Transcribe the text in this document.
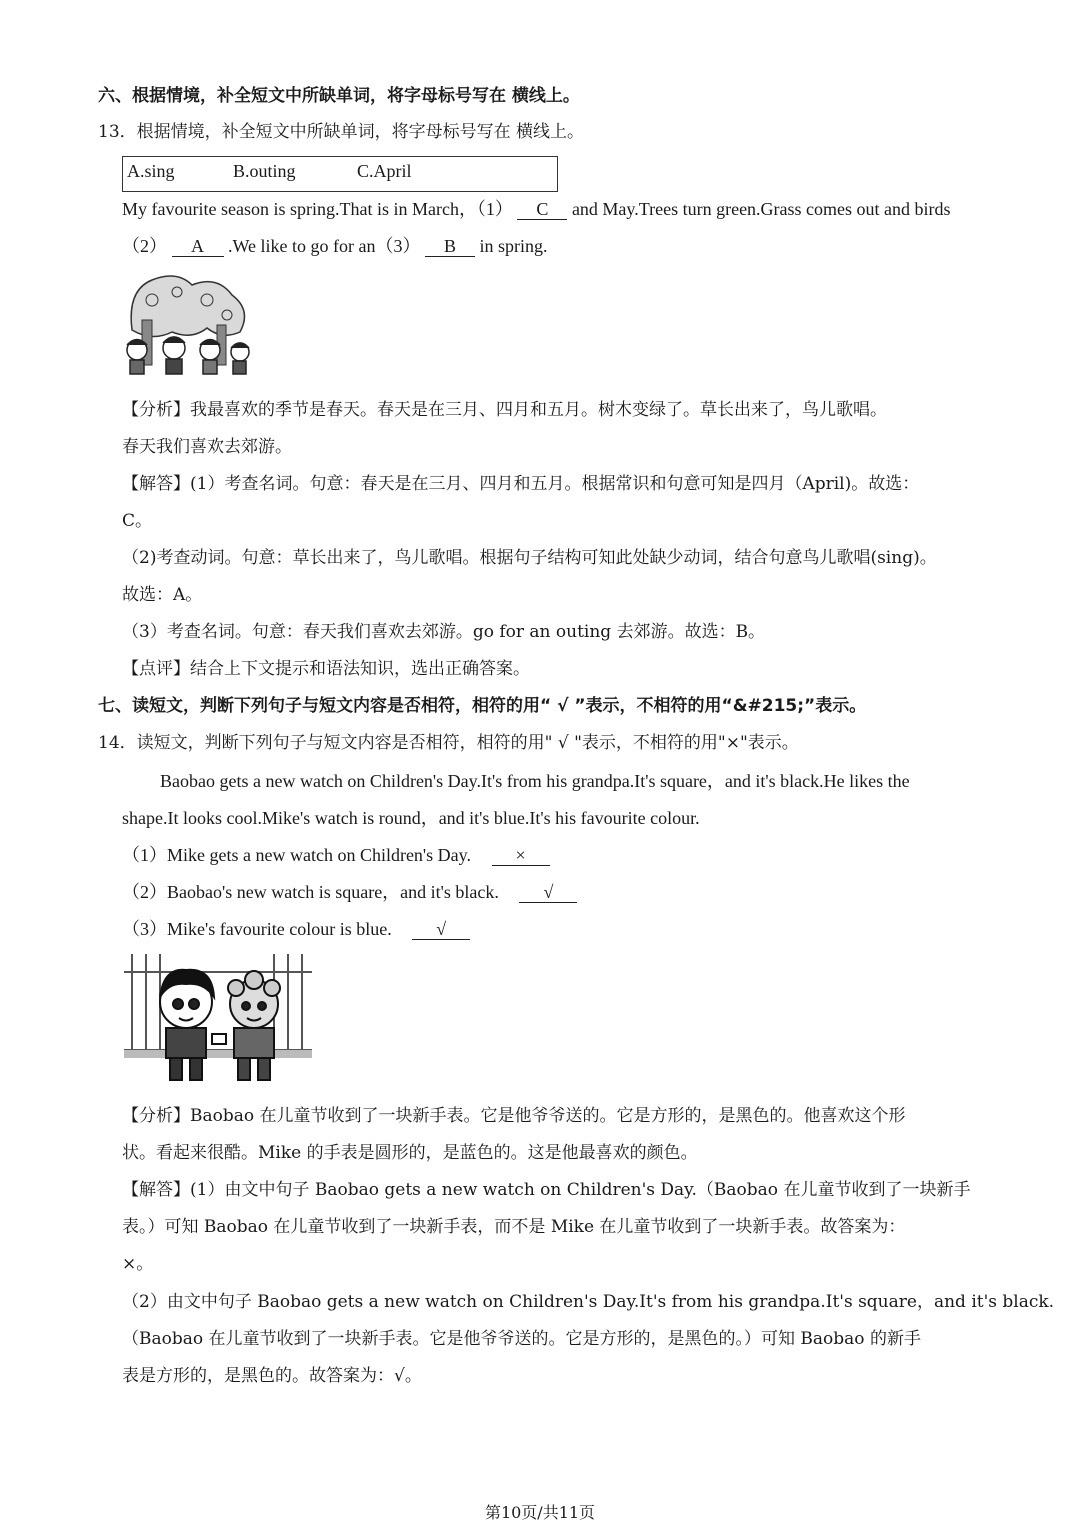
六、根据情境，补全短文中所缺单词，将字母标号写在 横线上。
13．根据情境，补全短文中所缺单词，将字母标号写在 横线上。
A.sing	B.outing	C.April
My favourite season is spring.That is in March，（1） C and May.Trees turn green.Grass comes out and birds
（2） A .We like to go for an（3） B in spring.
【分析】我最喜欢的季节是春天。春天是在三月、四月和五月。树木变绿了。草长出来了，鸟儿歌唱。
春天我们喜欢去郊游。
【解答】(1）考查名词。句意：春天是在三月、四月和五月。根据常识和句意可知是四月（April)。故选：
C。
（2)考查动词。句意：草长出来了，鸟儿歌唱。根据句子结构可知此处缺少动词，结合句意鸟儿歌唱(sing)。
故选：A。
（3）考查名词。句意：春天我们喜欢去郊游。go for an outing 去郊游。故选：B。
【点评】结合上下文提示和语法知识，选出正确答案。
七、读短文，判断下列句子与短文内容是否相符，相符的用“ √ ”表示，不相符的用“&#215;”表示。
14．读短文，判断下列句子与短文内容是否相符，相符的用" √ "表示，不相符的用"×"表示。
Baobao gets a new watch on Children's Day.It's from his grandpa.It's square，and it's black.He likes the
shape.It looks cool.Mike's watch is round，and it's blue.It's his favourite colour.
（1）Mike gets a new watch on Children's Day. ×
（2）Baobao's new watch is square，and it's black. √
（3）Mike's favourite colour is blue. √
【分析】Baobao 在儿童节收到了一块新手表。它是他爷爷送的。它是方形的，是黑色的。他喜欢这个形
状。看起来很酷。Mike 的手表是圆形的，是蓝色的。这是他最喜欢的颜色。
【解答】(1）由文中句子 Baobao gets a new watch on Children's Day.（Baobao 在儿童节收到了一块新手
表。）可知 Baobao 在儿童节收到了一块新手表，而不是 Mike 在儿童节收到了一块新手表。故答案为：
×。
（2）由文中句子 Baobao gets a new watch on Children's Day.It's from his grandpa.It's square，and it's black.
（Baobao 在儿童节收到了一块新手表。它是他爷爷送的。它是方形的，是黑色的。）可知 Baobao 的新手
表是方形的，是黑色的。故答案为：√。
第10页/共11页
